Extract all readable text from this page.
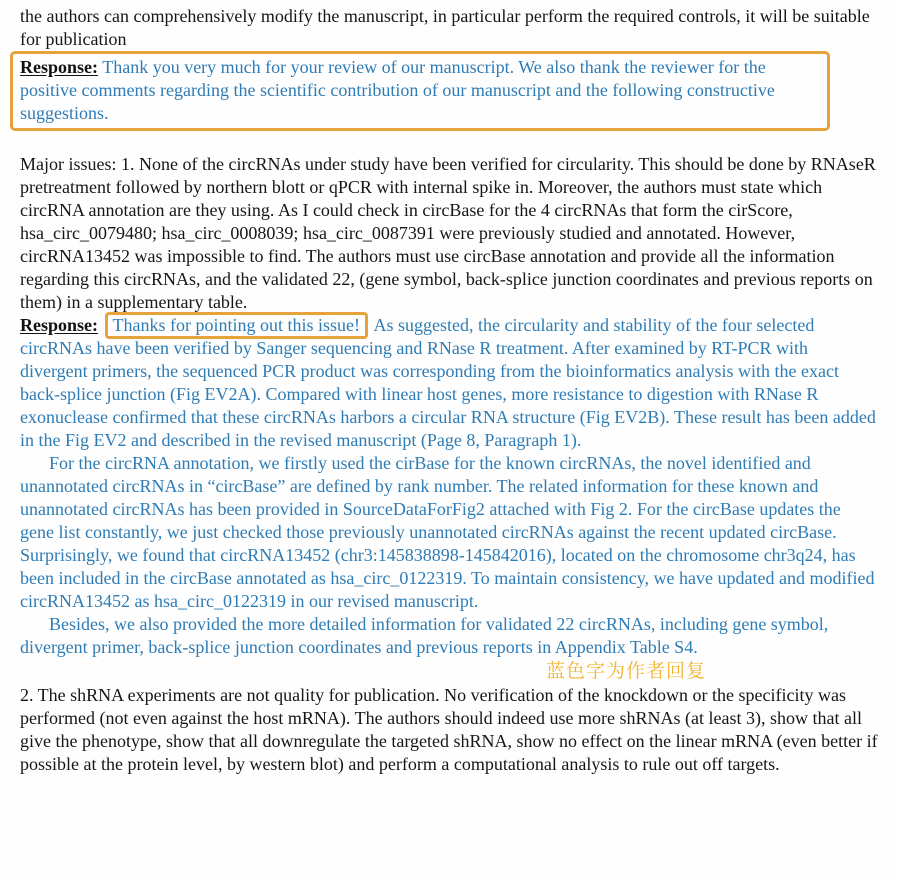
the authors can comprehensively modify the manuscript, in particular perform the required controls, it will be suitable for publication

Response: Thank you very much for your review of our manuscript. We also thank the reviewer for the positive comments regarding the scientific contribution of our manuscript and the following constructive suggestions.

Major issues: 1. None of the circRNAs under study have been verified for circularity. This should be done by RNAseR pretreatment followed by northern blott or qPCR with internal spike in. Moreover, the authors must state which circRNA annotation are they using. As I could check in circBase for the 4 circRNAs that form the cirScore, hsa_circ_0079480; hsa_circ_0008039; hsa_circ_0087391 were previously studied and annotated. However, circRNA13452 was impossible to find. The authors must use circBase annotation and provide all the information regarding this circRNAs, and the validated 22, (gene symbol, back-splice junction coordinates and previous reports on them) in a supplementary table.

Response: Thanks for pointing out this issue! As suggested, the circularity and stability of the four selected circRNAs have been verified by Sanger sequencing and RNase R treatment. After examined by RT-PCR with divergent primers, the sequenced PCR product was corresponding from the bioinformatics analysis with the exact back-splice junction (Fig EV2A). Compared with linear host genes, more resistance to digestion with RNase R exonuclease confirmed that these circRNAs harbors a circular RNA structure (Fig EV2B). These result has been added in the Fig EV2 and described in the revised manuscript (Page 8, Paragraph 1).

For the circRNA annotation, we firstly used the cirBase for the known circRNAs, the novel identified and unannotated circRNAs in “circBase” are defined by rank number. The related information for these known and unannotated circRNAs has been provided in SourceDataForFig2 attached with Fig 2. For the circBase updates the gene list constantly, we just checked those previously unannotated circRNAs against the recent updated circBase. Surprisingly, we found that circRNA13452 (chr3:145838898-145842016), located on the chromosome chr3q24, has been included in the circBase annotated as hsa_circ_0122319. To maintain consistency, we have updated and modified circRNA13452 as hsa_circ_0122319 in our revised manuscript.

Besides, we also provided the more detailed information for validated 22 circRNAs, including gene symbol, divergent primer, back-splice junction coordinates and previous reports in Appendix Table S4.

蓝色字为作者回复

2. The shRNA experiments are not quality for publication. No verification of the knockdown or the specificity was performed (not even against the host mRNA). The authors should indeed use more shRNAs (at least 3), show that all give the phenotype, show that all downregulate the targeted shRNA, show no effect on the linear mRNA (even better if possible at the protein level, by western blot) and perform a computational analysis to rule out off targets.
